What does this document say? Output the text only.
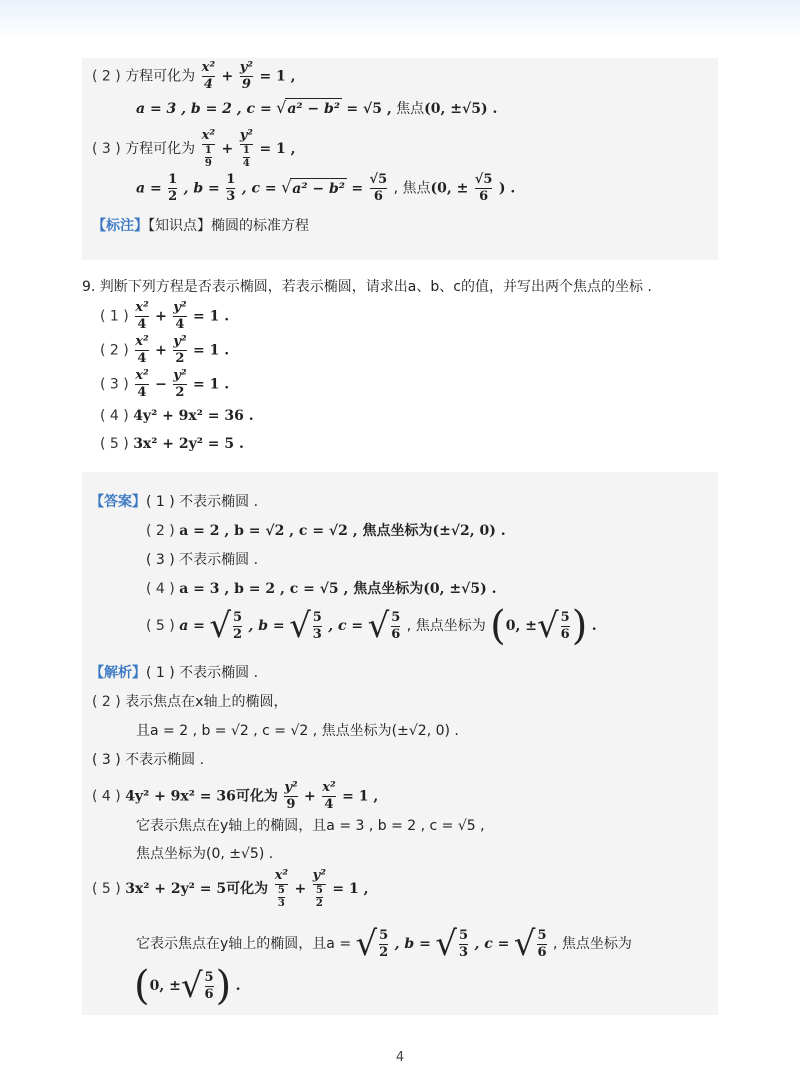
( 2 ) 方程可化为 $\frac{\text{x²}}{4} + \frac{\text{y²}}{9} = 1$ ,
a = 3 , b = 2 , c = √a² − b² = √5 , 焦点(0, ±√5) .
( 3 ) 方程可化为 $\frac{\text{x²}}{\frac{1}{9}} + \frac{\text{y²}}{\frac{1}{4}} = 1$ ,
$a = \frac{1}{2}$ , $b = \frac{1}{3}$ , $c = √a^2 - b^2 = \frac{√5}{6}$ , 焦点(0, ± $\frac{√5}{6}$ ) .
【标注】【知识点】椭圆的标准方程
9. 判断下列方程是否表示椭圆，若表示椭圆，请求出a、b、c的值，并写出两个焦点的坐标 .
( 1 ) $\frac{\text{x²}}{4} + \frac{\text{y²}}{4} = 1$ .
( 2 ) $\frac{\text{x²}}{4} + \frac{\text{y²}}{2} = 1$ .
( 3 ) $\frac{\text{x²}}{4} - \frac{\text{y²}}{2} = 1$ .
( 4 ) 4y² + 9x² = 36 .
( 5 ) 3x² + 2y² = 5 .
【答案】( 1 ) 不表示椭圆 .
( 2 ) a = 2 , b = √2 , c = √2 , 焦点坐标为(±√2, 0) .
( 3 ) 不表示椭圆 .
( 4 ) a = 3 , b = 2 , c = √5 , 焦点坐标为(0, ±√5) .
( 5 ) a = √ $\frac{5}{2}$ , b = √ $\frac{5}{3}$ , c = √ $\frac{5}{6}$ , 焦点坐标为 (0, ±√ $\frac{5}{6}$ ) .
【解析】( 1 ) 不表示椭圆 .
( 2 ) 表示焦点在x轴上的椭圆，
且a = 2 , b = √2 , c = √2 , 焦点坐标为(±√2, 0) .
( 3 ) 不表示椭圆 .
( 4 ) 4y² + 9x² = 36可化为 $\frac{\text{y²}}{9} + \frac{\text{x²}}{4} = 1$ ,
它表示焦点在y轴上的椭圆，且a = 3 , b = 2 , c = √5 ,
焦点坐标为(0, ±√5) .
( 5 ) 3x² + 2y² = 5可化为 $\frac{\text{x²}}{\frac{5}{3}} + \frac{\text{y²}}{\frac{5}{2}} = 1$ ,
它表示焦点在y轴上的椭圆，且a = √ $\frac{5}{2}$ , b = √ $\frac{5}{3}$ , c = √ $\frac{5}{6}$ , 焦点坐标为
(0, ±√ $\frac{5}{6}$ ) .
4
